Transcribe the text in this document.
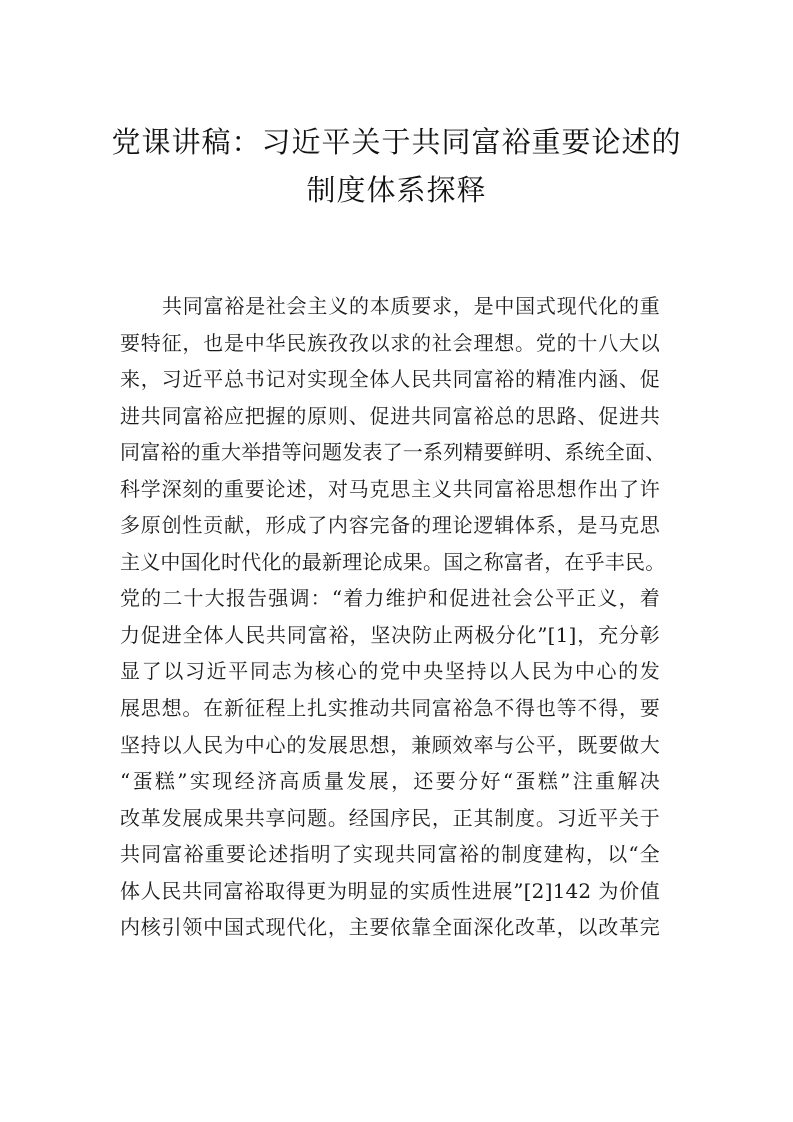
党课讲稿：习近平关于共同富裕重要论述的
制度体系探释
共同富裕是社会主义的本质要求，是中国式现代化的重
要特征，也是中华民族孜孜以求的社会理想。党的十八大以
来，习近平总书记对实现全体人民共同富裕的精准内涵、促
进共同富裕应把握的原则、促进共同富裕总的思路、促进共
同富裕的重大举措等问题发表了一系列精要鲜明、系统全面、
科学深刻的重要论述，对马克思主义共同富裕思想作出了许
多原创性贡献，形成了内容完备的理论逻辑体系，是马克思
主义中国化时代化的最新理论成果。国之称富者，在乎丰民。
党的二十大报告强调：“着力维护和促进社会公平正义，着
力促进全体人民共同富裕，坚决防止两极分化”[1]，充分彰
显了以习近平同志为核心的党中央坚持以人民为中心的发
展思想。在新征程上扎实推动共同富裕急不得也等不得，要
坚持以人民为中心的发展思想，兼顾效率与公平，既要做大
“蛋糕”实现经济高质量发展，还要分好“蛋糕”注重解决
改革发展成果共享问题。经国序民，正其制度。习近平关于
共同富裕重要论述指明了实现共同富裕的制度建构，以“全
体人民共同富裕取得更为明显的实质性进展”[2]142 为价值
内核引领中国式现代化，主要依靠全面深化改革，以改革完
